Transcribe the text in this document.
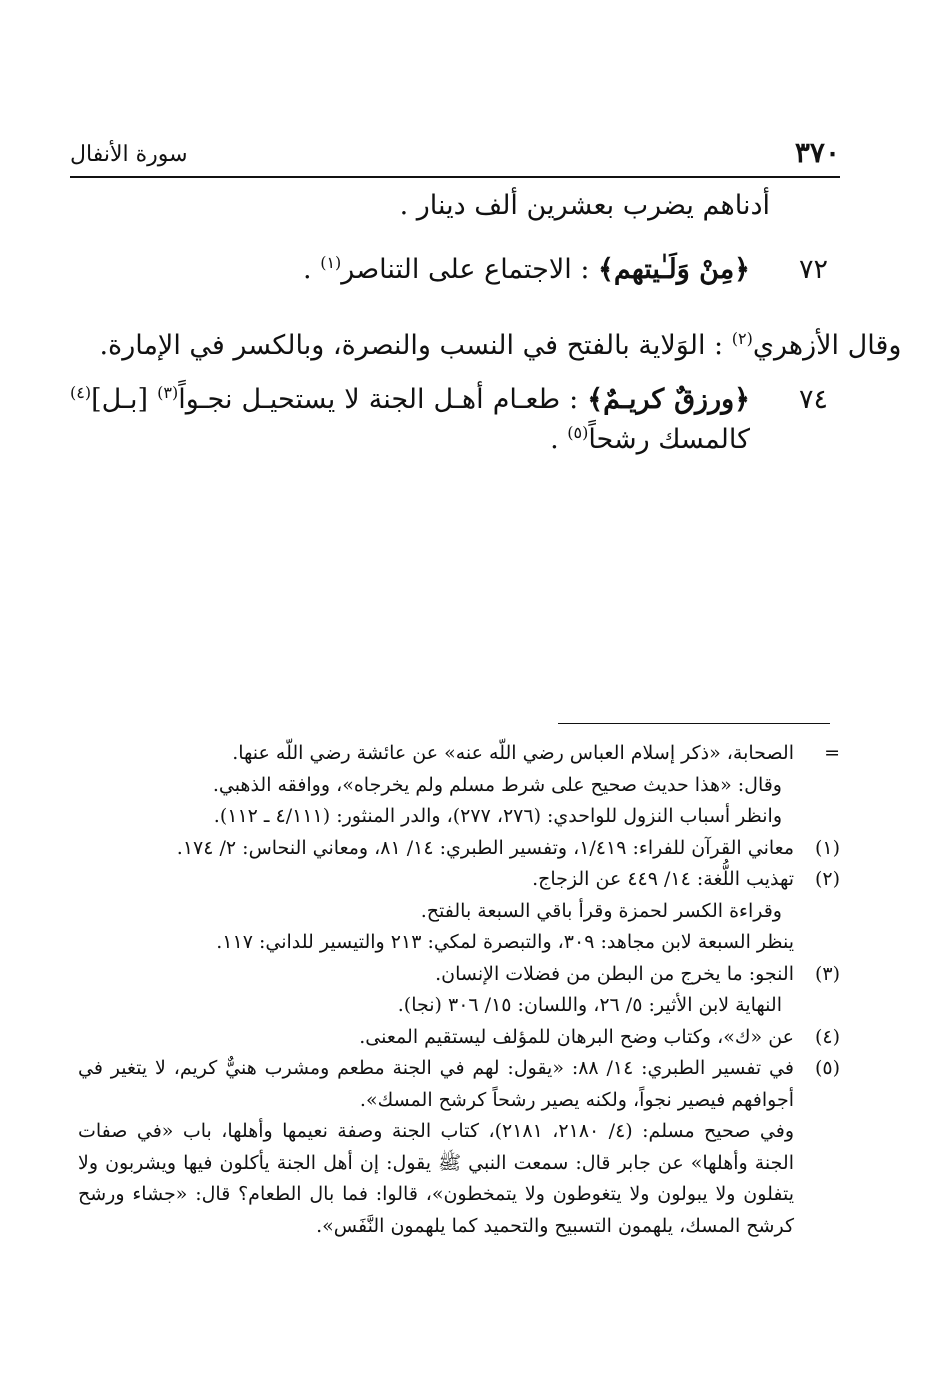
٣٧٠
سورة الأنفال
أدناهم يضرب بعشرين ألف دينار .
٧٢
﴿مِنْ وَلَـٰيتهم﴾ : الاجتماع على التناصر$^{(١)}$ .
وقال الأزهري$^{(٢)}$ : الوَلاية بالفتح في النسب والنصرة، وبالكسر في الإمارة.
٧٤
﴿ورزقٌ كريـمٌ﴾ : طعـام أهـل الجنة لا يستحيـل نجـواً$^{(٣)}$ [بـل]$^{(٤)}$ كالمسك رشحاً$^{(٥)}$ .
=
الصحابة، «ذكر إسلام العباس رضي اللّه عنه» عن عائشة رضي اللّه عنها.
وقال: «هذا حديث صحيح على شرط مسلم ولم يخرجاه»، ووافقه الذهبي.
وانظر أسباب النزول للواحدي: (٢٧٦، ٢٧٧)، والدر المنثور: (٤/١١١ ـ ١١٢).
(١)
معاني القرآن للفراء: ١/٤١٩، وتفسير الطبري: ١٤/ ٨١، ومعاني النحاس: ٢/ ١٧٤.
(٢)
تهذيب اللُّغة: ١٤/ ٤٤٩ عن الزجاج.
وقراءة الكسر لحمزة وقرأ باقي السبعة بالفتح.
ينظر السبعة لابن مجاهد: ٣٠٩، والتبصرة لمكي: ٢١٣ والتيسير للداني: ١١٧.
(٣)
النجو: ما يخرج من البطن من فضلات الإنسان.
النهاية لابن الأثير: ٥/ ٢٦، واللسان: ١٥/ ٣٠٦ (نجا).
(٤)
عن «ك»، وكتاب وضح البرهان للمؤلف ليستقيم المعنى.
(٥)
في تفسير الطبري: ١٤/ ٨٨: «يقول: لهم في الجنة مطعم ومشرب هنيٌّ كريم، لا يتغير في أجوافهم فيصير نجواً، ولكنه يصير رشحاً كرشح المسك».
وفي صحيح مسلم: (٤/ ٢١٨٠، ٢١٨١)، كتاب الجنة وصفة نعيمها وأهلها، باب «في صفات الجنة وأهلها» عن جابر قال: سمعت النبي ﷺ يقول: إن أهل الجنة يأكلون فيها ويشربون ولا يتفلون ولا يبولون ولا يتغوطون ولا يتمخطون»، قالوا: فما بال الطعام؟ قال: «جشاء ورشح كرشح المسك، يلهمون التسبيح والتحميد كما يلهمون النَّفَس».
